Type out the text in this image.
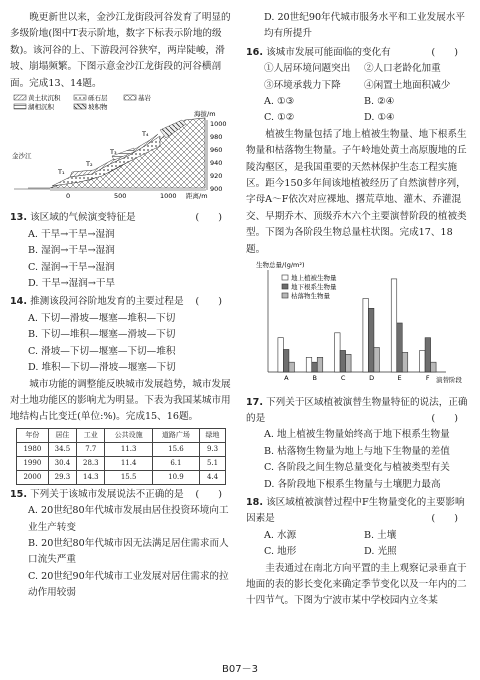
晚更新世以来，金沙江龙街段河谷发育了明显的多级阶地(图中T表示阶地，数字下标表示阶地的级数)。该河谷的上、下游段河谷狭窄，两岸陡峻，滑坡、崩塌频繁。下图示意金沙江龙街段的河谷横剖面。完成13、14题。

黄土状沉积	砾石层	基岩
湖相沉积	坡积物
金沙江
T₁
T₂
T₃
T₄
海拔/m
1000
980
960
940
920
900
0	500	1000 距离/m
13. 该区域的气候演变特征是	(　　)
A. 干旱→干旱→湿润
B. 湿润→干旱→湿润
C. 湿润→干旱→湿润
D. 干旱→湿润→干旱
14. 推测该段河谷阶地发育的主要过程是 (　　)
A. 下切—滑坡—堰塞—堆积—下切
B. 下切—堆积—堰塞—滑坡—下切
C. 滑坡—下切—堰塞—下切—堆积
D. 堆积—下切—滑坡—堰塞—下切

城市功能的调整能反映城市发展趋势，城市发展对土地功能区的影响尤为明显。下表为我国某城市用地结构占比变迁(单位:%)。完成15、16题。

年份	居住	工业	公共设施	道路广场	绿地
1980	34.5	7.7	11.3	15.6	9.3
1990	30.4	28.3	11.4	6.1	5.1
2000	29.3	14.3	15.5	10.9	4.4
15. 下列关于该城市发展说法不正确的是 (　　)
A. 20世纪80年代城市发展由居住投资环境向工业生产转变
B. 20世纪80年代城市因无法满足居住需求而人口流失严重
C. 20世纪90年代城市工业发展对居住需求的拉动作用较弱
D. 20世纪90年代城市服务水平和工业发展水平均有所提升
16. 该城市发展可能面临的变化有	(　　)
①人居环境问题突出	②人口老龄化加重
③环境承载力下降	④闲置土地面积减少
A. ①③	B. ②④
C. ①②	D. ①④

植被生物量包括了地上植被生物量、地下根系生物量和枯落物生物量。子午岭地处黄土高原腹地的丘陵沟壑区，是我国重要的天然林保护生态工程实施区。距今150多年间该地植被经历了自然演替序列，字母A～F依次对应裸地、撂荒草地、灌木、乔灌混交、早期乔木、顶级乔木六个主要演替阶段的植被类型。下图为各阶段生物总量柱状图。完成17、18题。

生物总量/(g/m²)
演替阶段
地上植被生物量
地下根系生物量
枯落物生物量
A	B	C	D	E	F
17. 下列关于区域植被演替生物量特征的说法，正确的是	(　　)
A. 地上植被生物量始终高于地下根系生物量
B. 枯落物生物量为地上与地下生物量的差值
C. 各阶段之间生物总量变化与植被类型有关
D. 各阶段地下根系生物量与土壤肥力最高
18. 该区域植被演替过程中F生物量变化的主要影响因素是	(　　)
A. 水源	B. 土壤
C. 地形	D. 光照

圭表通过在南北方向平置的圭上观察记录垂直于地面的表的影长变化来确定季节变化以及一年内的二十四节气。下图为宁波市某中学校园内立冬某

B07－3
